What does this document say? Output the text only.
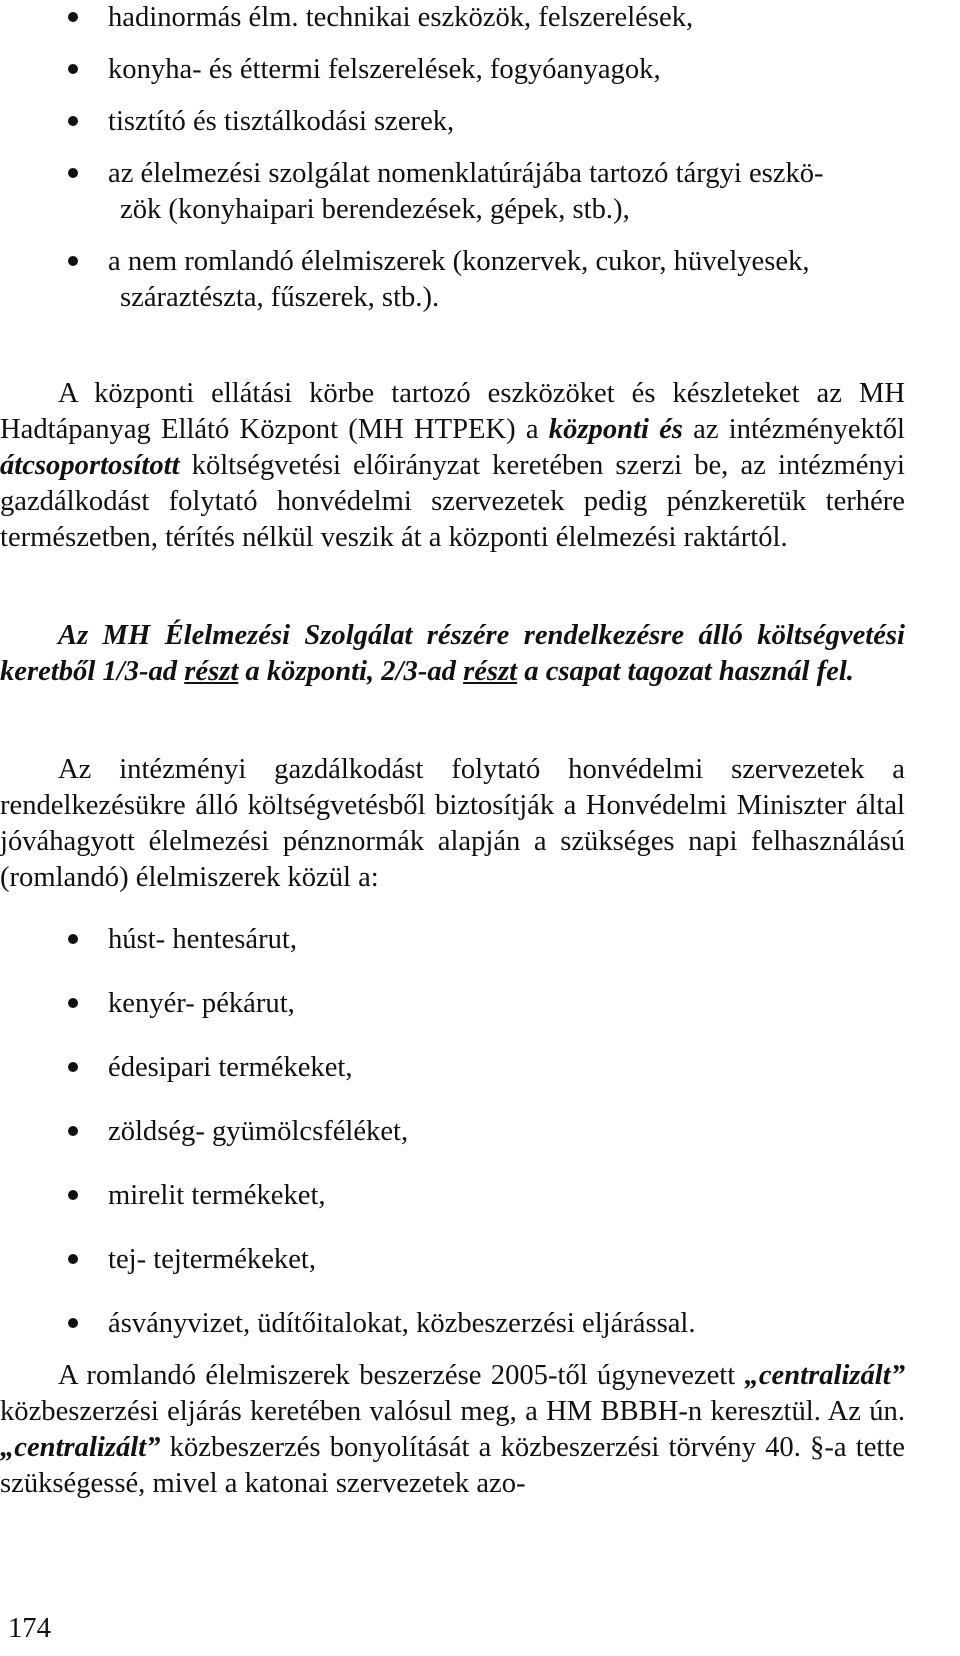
hadinormás élm. technikai eszközök, felszerelések,
konyha- és éttermi felszerelések, fogyóanyagok,
tisztító és tisztálkodási szerek,
az élelmezési szolgálat nomenklatúrájába tartozó tárgyi eszkö-
zök (konyhaipari berendezések, gépek, stb.),
a nem romlandó élelmiszerek (konzervek, cukor, hüvelyesek,
száraztészta, fűszerek, stb.).

A központi ellátási körbe tartozó eszközöket és készleteket az MH Hadtápanyag Ellátó Központ (MH HTPEK) a központi és az intézményektől átcsoportosított költségvetési előirányzat keretében szerzi be, az intézményi gazdálkodást folytató honvédelmi szervezetek pedig pénzkeretük terhére természetben, térítés nélkül veszik át a központi élelmezési raktártól.

Az MH Élelmezési Szolgálat részére rendelkezésre álló költségvetési keretből 1/3-ad részt a központi, 2/3-ad részt a csapat tagozat használ fel.

Az intézményi gazdálkodást folytató honvédelmi szervezetek a rendelkezésükre álló költségvetésből biztosítják a Honvédelmi Miniszter által jóváhagyott élelmezési pénznormák alapján a szükséges napi felhasználású (romlandó) élelmiszerek közül a:

húst- hentesárut,
kenyér- pékárut,
édesipari termékeket,
zöldség- gyümölcsféléket,
mirelit termékeket,
tej- tejtermékeket,
ásványvizet, üdítőitalokat, közbeszerzési eljárással.

A romlandó élelmiszerek beszerzése 2005-től úgynevezett „centralizált” közbeszerzési eljárás keretében valósul meg, a HM BBBH-n keresztül. Az ún. „centralizált” közbeszerzés bonyolítását a közbeszerzési törvény 40. §-a tette szükségessé, mivel a katonai szervezetek azo-

174
